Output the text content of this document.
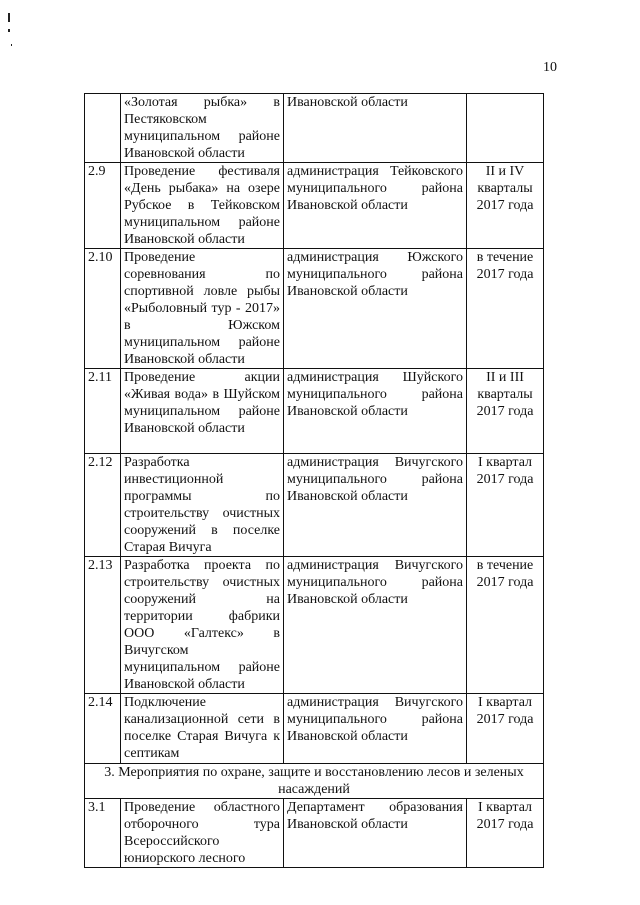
10
	«Золотая рыбка» в Пестяковском муниципальном районе Ивановской области	Ивановской области	
2.9	Проведение фестиваля «День рыбака» на озере Рубское в Тейковском муниципальном районе Ивановской области	администрация Тейковского муниципального района Ивановской области	II и IV кварталы 2017 года
2.10	Проведение соревнования по спортивной ловле рыбы «Рыболовный тур - 2017» в Южском муниципальном районе Ивановской области	администрация Южского муниципального района Ивановской области	в течение 2017 года
2.11	Проведение акции «Живая вода» в Шуйском муниципальном районе Ивановской области	администрация Шуйского муниципального района Ивановской области	II и III кварталы 2017 года
2.12	Разработка инвестиционной программы по строительству очистных сооружений в поселке Старая Вичуга	администрация Вичугского муниципального района Ивановской области	I квартал 2017 года
2.13	Разработка проекта по строительству очистных сооружений на территории фабрики ООО «Галтекс» в Вичугском муниципальном районе Ивановской области	администрация Вичугского муниципального района Ивановской области	в течение 2017 года
2.14	Подключение канализационной сети в поселке Старая Вичуга к септикам	администрация Вичугского муниципального района Ивановской области	I квартал 2017 года
3. Мероприятия по охране, защите и восстановлению лесов и зеленых насаждений			
3.1	Проведение областного отборочного тура Всероссийского юниорского лесного	Департамент образования Ивановской области	I квартал 2017 года
